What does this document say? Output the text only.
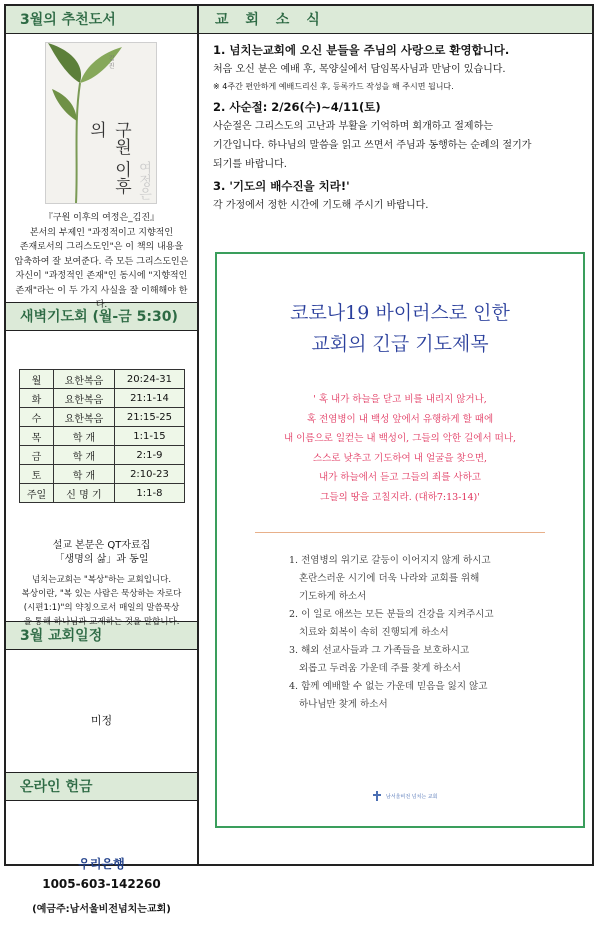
3월의 추천도서
김 진
구원 이후의
여정은
『구원 이후의 여정은_김진』
본서의 부제인 "과정적이고 지향적인
존재로서의 그리스도인"은 이 책의 내용을
압축하여 잘 보여준다. 즉 모든 그리스도인은
자신이 "과정적인 존재"인 동시에 "지향적인
존재"라는 이 두 가지 사실을 잘 이해해야 한다.
새벽기도회 (월-금 5:30)
월	요한복음	20:24-31
화	요한복음	21:1-14
수	요한복음	21:15-25
목	학 개	1:1-15
금	학 개	2:1-9
토	학 개	2:10-23
주일	신 명 기	1:1-8
설교 본문은 QT자료집
「생명의 삶」과 동일
넘치는교회는 "복상"하는 교회입니다.
복상이란, "복 있는 사람은 묵상하는 자로다
(시편1:1)"의 약칭으로서 매일의 말씀묵상
을 통해 하나님과 교제하는 것을 말합니다.
3월 교회일정
미정
온라인 헌금
우리은행
1005-603-142260
(예금주:남서울비전넘치는교회)
교 회 소 식

1. 넘치는교회에 오신 분들을 주님의 사랑으로 환영합니다.

처음 오신 분은 예배 후, 목양실에서 담임목사님과 만남이 있습니다.

※ 4주간 편안하게 예배드리신 후, 등록카드 작성을 해 주시면 됩니다.

2. 사순절: 2/26(수)~4/11(토)

사순절은 그리스도의 고난과 부활을 기억하며 회개하고 절제하는

기간입니다. 하나님의 말씀을 읽고 쓰면서 주님과 동행하는 순례의 절기가

되기를 바랍니다.

3. '기도의 배수진을 치라!'

각 가정에서 정한 시간에 기도해 주시기 바랍니다.

코로나19 바이러스로 인한
교회의 긴급 기도제목
' 혹 내가 하늘을 닫고 비를 내리지 않거나,
혹 전염병이 내 백성 앞에서 유행하게 할 때에
내 이름으로 일컫는 내 백성이, 그들의 악한 길에서 떠나,
스스로 낮추고 기도하여 내 얼굴을 찾으면,
내가 하늘에서 듣고 그들의 죄를 사하고
그들의 땅을 고칠지라. (대하7:13-14)'
1. 전염병의 위기로 갈등이 이어지지 않게 하시고
혼란스러운 시기에 더욱 나라와 교회를 위해
기도하게 하소서
2. 이 일로 애쓰는 모든 분들의 건강을 지켜주시고
치료와 회복이 속히 진행되게 하소서
3. 해외 선교사들과 그 가족들을 보호하시고
외롭고 두려움 가운데 주를 찾게 하소서
4. 함께 예배할 수 없는 가운데 믿음을 잃지 않고
하나님만 찾게 하소서
남서울비전 넘치는 교회
